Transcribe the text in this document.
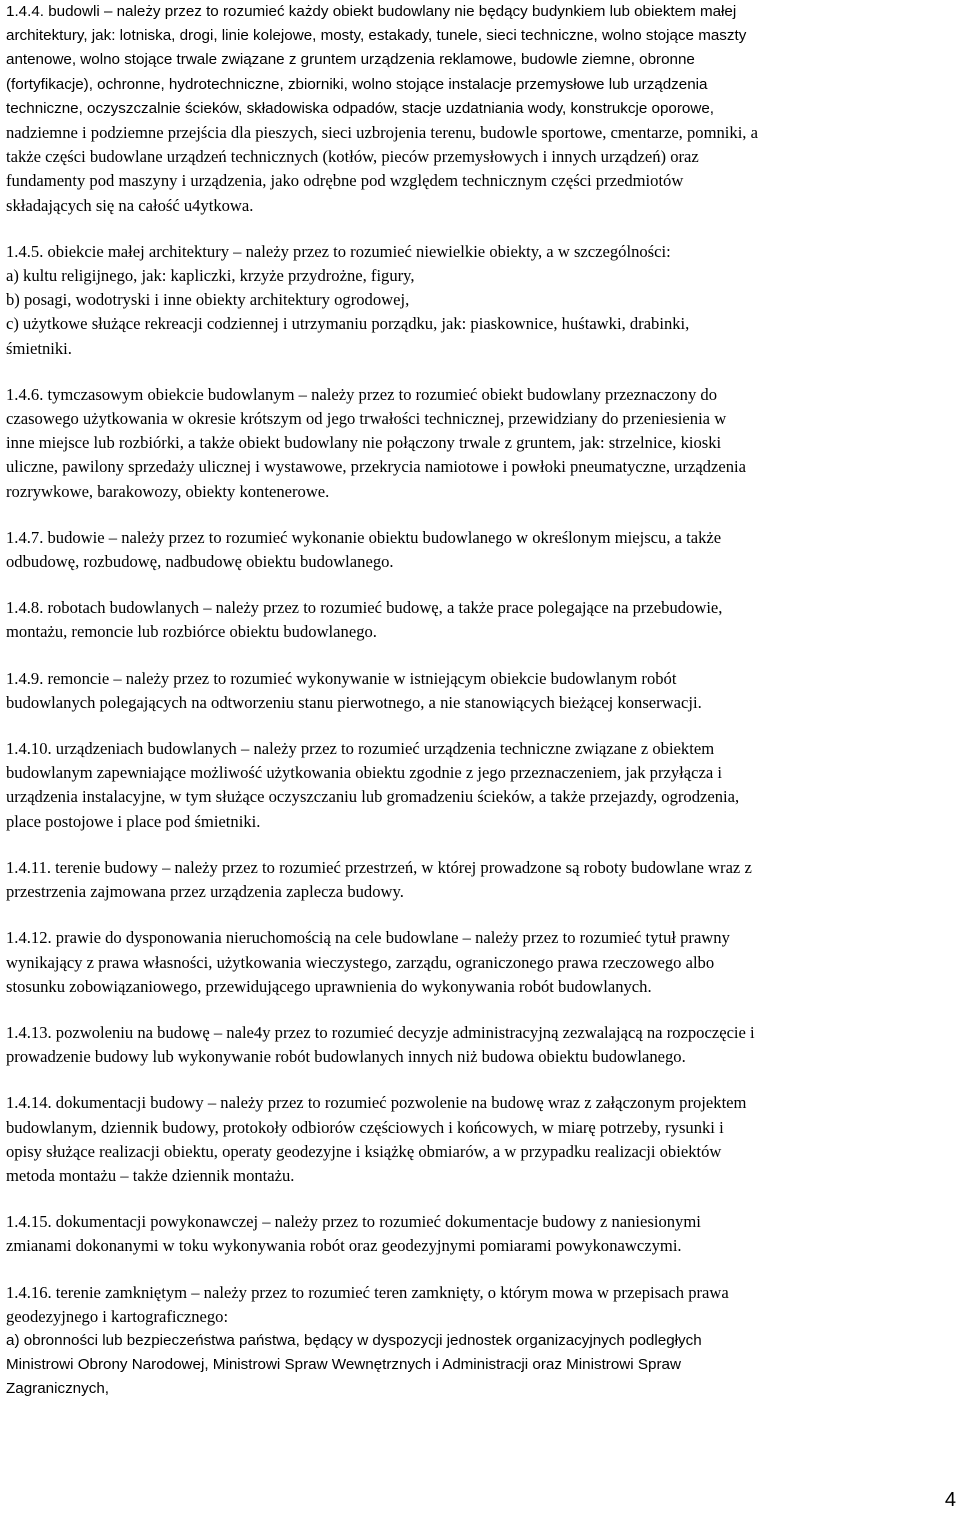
1.4.4. budowli – należy przez to rozumieć każdy obiekt budowlany nie będący budynkiem lub obiektem małej
architektury, jak: lotniska, drogi, linie kolejowe, mosty, estakady, tunele, sieci techniczne, wolno stojące maszty
antenowe, wolno stojące trwale związane z gruntem urządzenia reklamowe, budowle ziemne, obronne
(fortyfikacje), ochronne, hydrotechniczne, zbiorniki, wolno stojące instalacje przemysłowe lub urządzenia
techniczne, oczyszczalnie ścieków, składowiska odpadów, stacje uzdatniania wody, konstrukcje oporowe,
nadziemne i podziemne przejścia dla pieszych, sieci uzbrojenia terenu, budowle sportowe, cmentarze, pomniki, a
także części budowlane urządzeń technicznych (kotłów, pieców przemysłowych i innych urządzeń) oraz
fundamenty pod maszyny i urządzenia, jako odrębne pod względem technicznym części przedmiotów
składających się na całość u4ytkowa.
1.4.5. obiekcie małej architektury – należy przez to rozumieć niewielkie obiekty, a w szczególności:
a) kultu religijnego, jak: kapliczki, krzyże przydrożne, figury,
b) posagi, wodotryski i inne obiekty architektury ogrodowej,
c) użytkowe służące rekreacji codziennej i utrzymaniu porządku, jak: piaskownice, huśtawki, drabinki,
śmietniki.
1.4.6. tymczasowym obiekcie budowlanym – należy przez to rozumieć obiekt budowlany przeznaczony do
czasowego użytkowania w okresie krótszym od jego trwałości technicznej, przewidziany do przeniesienia w
inne miejsce lub rozbiórki, a także obiekt budowlany nie połączony trwale z gruntem, jak: strzelnice, kioski
uliczne, pawilony sprzedaży ulicznej i wystawowe, przekrycia namiotowe i powłoki pneumatyczne, urządzenia
rozrywkowe, barakowozy, obiekty kontenerowe.
1.4.7. budowie – należy przez to rozumieć wykonanie obiektu budowlanego w określonym miejscu, a także
odbudowę, rozbudowę, nadbudowę obiektu budowlanego.
1.4.8. robotach budowlanych – należy przez to rozumieć budowę, a także prace polegające na przebudowie,
montażu, remoncie lub rozbiórce obiektu budowlanego.
1.4.9. remoncie – należy przez to rozumieć wykonywanie w istniejącym obiekcie budowlanym robót
budowlanych polegających na odtworzeniu stanu pierwotnego, a nie stanowiących bieżącej konserwacji.
1.4.10. urządzeniach budowlanych – należy przez to rozumieć urządzenia techniczne związane z obiektem
budowlanym zapewniające możliwość użytkowania obiektu zgodnie z jego przeznaczeniem, jak przyłącza i
urządzenia instalacyjne, w tym służące oczyszczaniu lub gromadzeniu ścieków, a także przejazdy, ogrodzenia,
place postojowe i place pod śmietniki.
1.4.11. terenie budowy – należy przez to rozumieć przestrzeń, w której prowadzone są roboty budowlane wraz z
przestrzenia zajmowana przez urządzenia zaplecza budowy.
1.4.12. prawie do dysponowania nieruchomością na cele budowlane – należy przez to rozumieć tytuł prawny
wynikający z prawa własności, użytkowania wieczystego, zarządu, ograniczonego prawa rzeczowego albo
stosunku zobowiązaniowego, przewidującego uprawnienia do wykonywania robót budowlanych.
1.4.13. pozwoleniu na budowę – nale4y przez to rozumieć decyzje administracyjną zezwalającą na rozpoczęcie i
prowadzenie budowy lub wykonywanie robót budowlanych innych niż budowa obiektu budowlanego.
1.4.14. dokumentacji budowy – należy przez to rozumieć pozwolenie na budowę wraz z załączonym projektem
budowlanym, dziennik budowy, protokoły odbiorów częściowych i końcowych, w miarę potrzeby, rysunki i
opisy służące realizacji obiektu, operaty geodezyjne i książkę obmiarów, a w przypadku realizacji obiektów
metoda montażu – także dziennik montażu.
1.4.15. dokumentacji powykonawczej – należy przez to rozumieć dokumentacje budowy z naniesionymi
zmianami dokonanymi w toku wykonywania robót oraz geodezyjnymi pomiarami powykonawczymi.
1.4.16. terenie zamkniętym – należy przez to rozumieć teren zamknięty, o którym mowa w przepisach prawa
geodezyjnego i kartograficznego:
a) obronności lub bezpieczeństwa państwa, będący w dyspozycji jednostek organizacyjnych podległych
Ministrowi Obrony Narodowej, Ministrowi Spraw Wewnętrznych i Administracji oraz Ministrowi Spraw
Zagranicznych,
4
